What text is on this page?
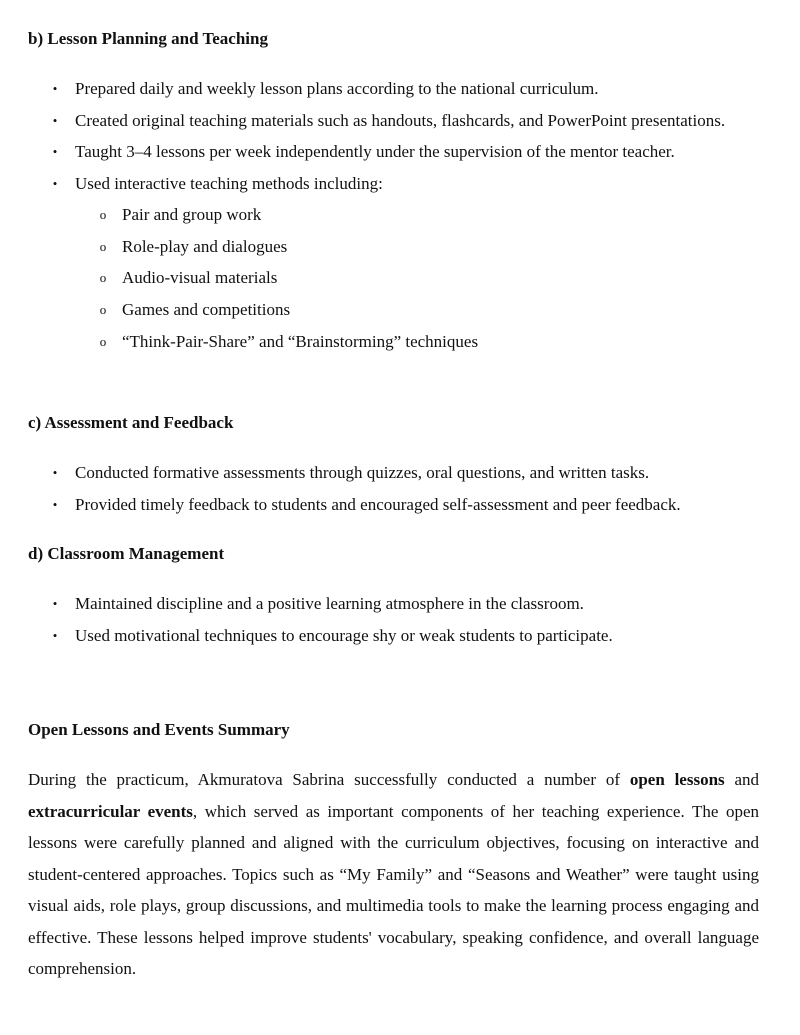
b) Lesson Planning and Teaching
• Prepared daily and weekly lesson plans according to the national curriculum.
• Created original teaching materials such as handouts, flashcards, and PowerPoint presentations.
• Taught 3–4 lessons per week independently under the supervision of the mentor teacher.
• Used interactive teaching methods including:
o Pair and group work
o Role-play and dialogues
o Audio-visual materials
o Games and competitions
o “Think-Pair-Share” and “Brainstorming” techniques
c) Assessment and Feedback
• Conducted formative assessments through quizzes, oral questions, and written tasks.
• Provided timely feedback to students and encouraged self-assessment and peer feedback.
d) Classroom Management
• Maintained discipline and a positive learning atmosphere in the classroom.
• Used motivational techniques to encourage shy or weak students to participate.
Open Lessons and Events Summary

During the practicum, Akmuratova Sabrina successfully conducted a number of open lessons and extracurricular events, which served as important components of her teaching experience. The open lessons were carefully planned and aligned with the curriculum objectives, focusing on interactive and student-centered approaches. Topics such as “My Family” and “Seasons and Weather” were taught using visual aids, role plays, group discussions, and multimedia tools to make the learning process engaging and effective. These lessons helped improve students' vocabulary, speaking confidence, and overall language comprehension.
